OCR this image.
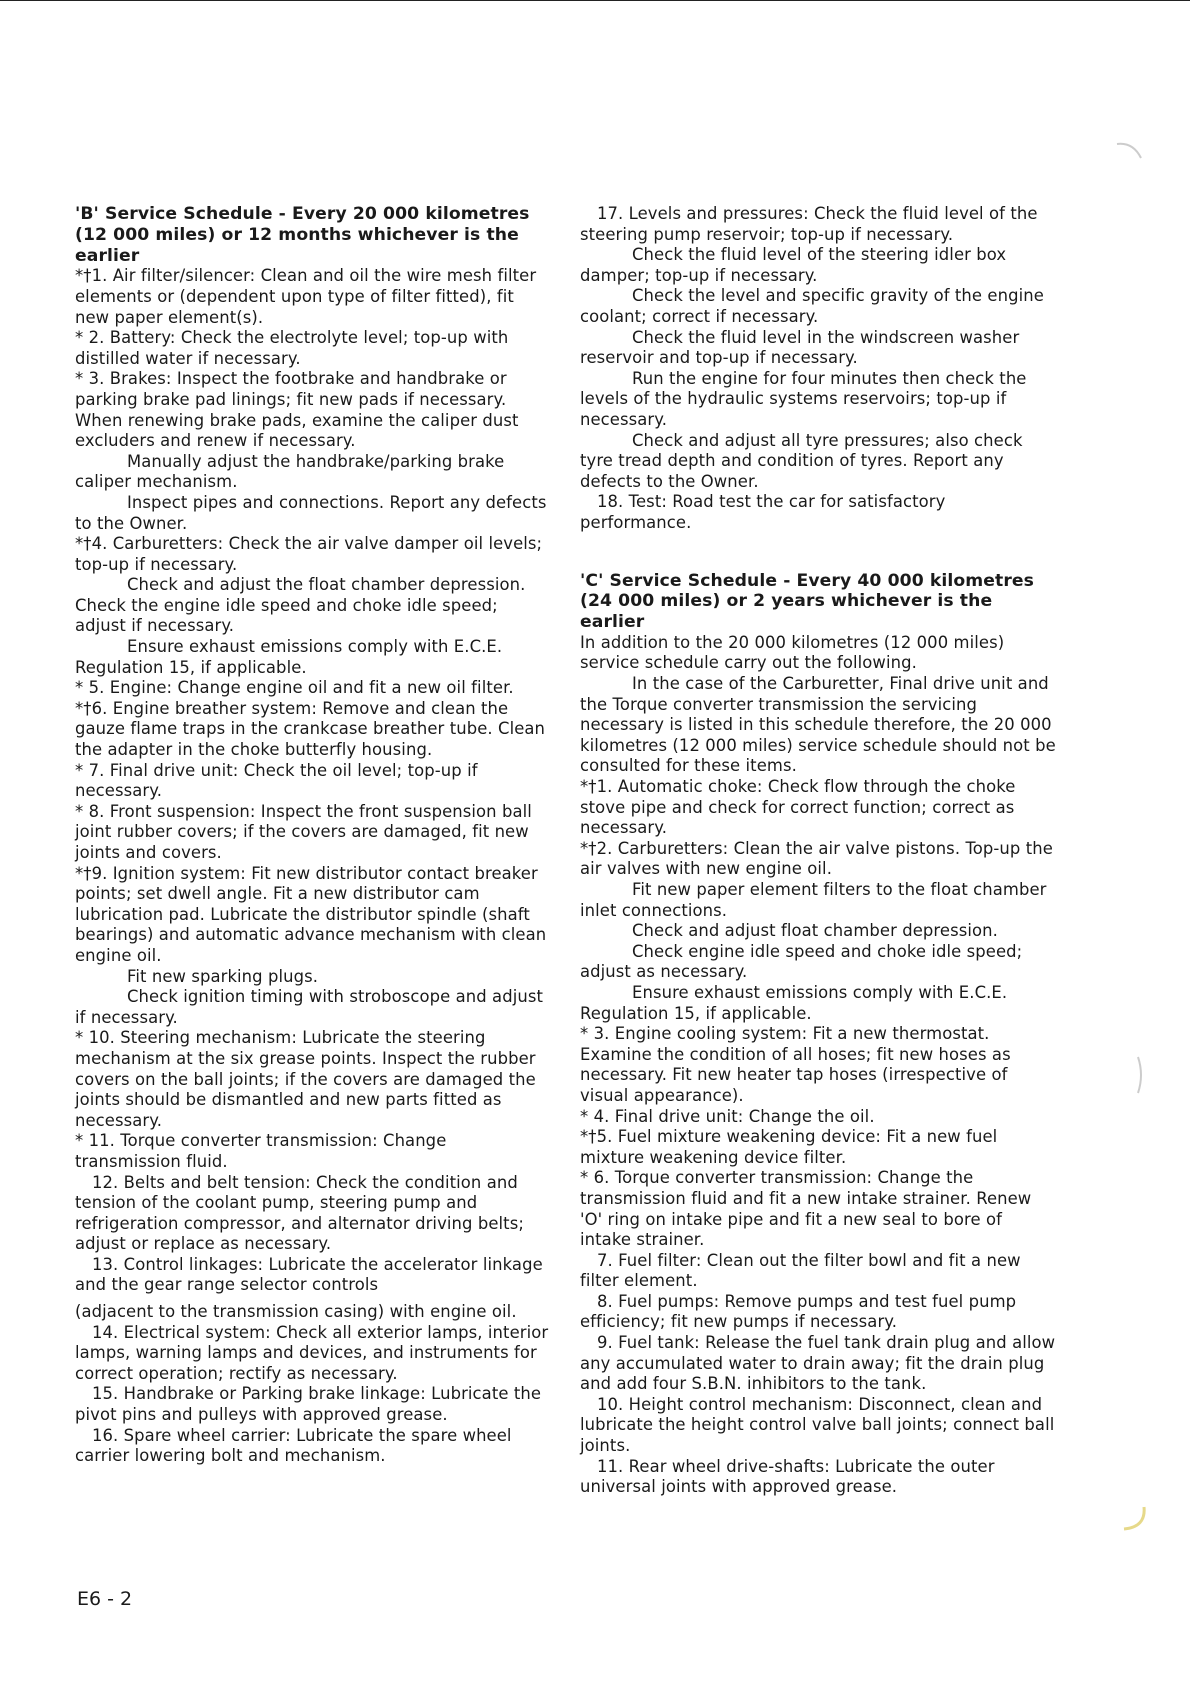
'B' Service Schedule - Every 20 000 kilometres (12 000 miles) or 12 months whichever is the earlier

*†1. Air filter/silencer: Clean and oil the wire mesh filter elements or (dependent upon type of filter fitted), fit new paper element(s).

* 2. Battery: Check the electrolyte level; top-up with distilled water if necessary.

* 3. Brakes: Inspect the footbrake and handbrake or parking brake pad linings; fit new pads if necessary. When renewing brake pads, examine the caliper dust excluders and renew if necessary.

Manually adjust the handbrake/parking brake caliper mechanism.

Inspect pipes and connections. Report any defects to the Owner.

*†4. Carburetters: Check the air valve damper oil levels; top-up if necessary.

Check and adjust the float chamber depression. Check the engine idle speed and choke idle speed; adjust if necessary.

Ensure exhaust emissions comply with E.C.E. Regulation 15, if applicable.

* 5. Engine: Change engine oil and fit a new oil filter.

*†6. Engine breather system: Remove and clean the gauze flame traps in the crankcase breather tube. Clean the adapter in the choke butterfly housing.

* 7. Final drive unit: Check the oil level; top-up if necessary.

* 8. Front suspension: Inspect the front suspension ball joint rubber covers; if the covers are damaged, fit new joints and covers.

*†9. Ignition system: Fit new distributor contact breaker points; set dwell angle. Fit a new distributor cam lubrication pad. Lubricate the distributor spindle (shaft bearings) and automatic advance mechanism with clean engine oil.

Fit new sparking plugs.

Check ignition timing with stroboscope and adjust if necessary.

* 10. Steering mechanism: Lubricate the steering mechanism at the six grease points. Inspect the rubber covers on the ball joints; if the covers are damaged the joints should be dismantled and new parts fitted as necessary.

* 11. Torque converter transmission: Change transmission fluid.

12. Belts and belt tension: Check the condition and tension of the coolant pump, steering pump and refrigeration compressor, and alternator driving belts; adjust or replace as necessary.

13. Control linkages: Lubricate the accelerator linkage and the gear range selector controls

(adjacent to the transmission casing) with engine oil.

14. Electrical system: Check all exterior lamps, interior lamps, warning lamps and devices, and instruments for correct operation; rectify as necessary.

15. Handbrake or Parking brake linkage: Lubricate the pivot pins and pulleys with approved grease.

16. Spare wheel carrier: Lubricate the spare wheel carrier lowering bolt and mechanism.

17. Levels and pressures: Check the fluid level of the steering pump reservoir; top-up if necessary.

Check the fluid level of the steering idler box damper; top-up if necessary.

Check the level and specific gravity of the engine coolant; correct if necessary.

Check the fluid level in the windscreen washer reservoir and top-up if necessary.

Run the engine for four minutes then check the levels of the hydraulic systems reservoirs; top-up if necessary.

Check and adjust all tyre pressures; also check tyre tread depth and condition of tyres. Report any defects to the Owner.

18. Test: Road test the car for satisfactory performance.

'C' Service Schedule - Every 40 000 kilometres (24 000 miles) or 2 years whichever is the earlier

In addition to the 20 000 kilometres (12 000 miles) service schedule carry out the following.

In the case of the Carburetter, Final drive unit and the Torque converter transmission the servicing necessary is listed in this schedule therefore, the 20 000 kilometres (12 000 miles) service schedule should not be consulted for these items.

*†1. Automatic choke: Check flow through the choke stove pipe and check for correct function; correct as necessary.

*†2. Carburetters: Clean the air valve pistons. Top-up the air valves with new engine oil.

Fit new paper element filters to the float chamber inlet connections.

Check and adjust float chamber depression.

Check engine idle speed and choke idle speed; adjust as necessary.

Ensure exhaust emissions comply with E.C.E. Regulation 15, if applicable.

* 3. Engine cooling system: Fit a new thermostat. Examine the condition of all hoses; fit new hoses as necessary. Fit new heater tap hoses (irrespective of visual appearance).

* 4. Final drive unit: Change the oil.

*†5. Fuel mixture weakening device: Fit a new fuel mixture weakening device filter.

* 6. Torque converter transmission: Change the transmission fluid and fit a new intake strainer. Renew 'O' ring on intake pipe and fit a new seal to bore of intake strainer.

7. Fuel filter: Clean out the filter bowl and fit a new filter element.

8. Fuel pumps: Remove pumps and test fuel pump efficiency; fit new pumps if necessary.

9. Fuel tank: Release the fuel tank drain plug and allow any accumulated water to drain away; fit the drain plug and add four S.B.N. inhibitors to the tank.

10. Height control mechanism: Disconnect, clean and lubricate the height control valve ball joints; connect ball joints.

11. Rear wheel drive-shafts: Lubricate the outer universal joints with approved grease.

E6 - 2
